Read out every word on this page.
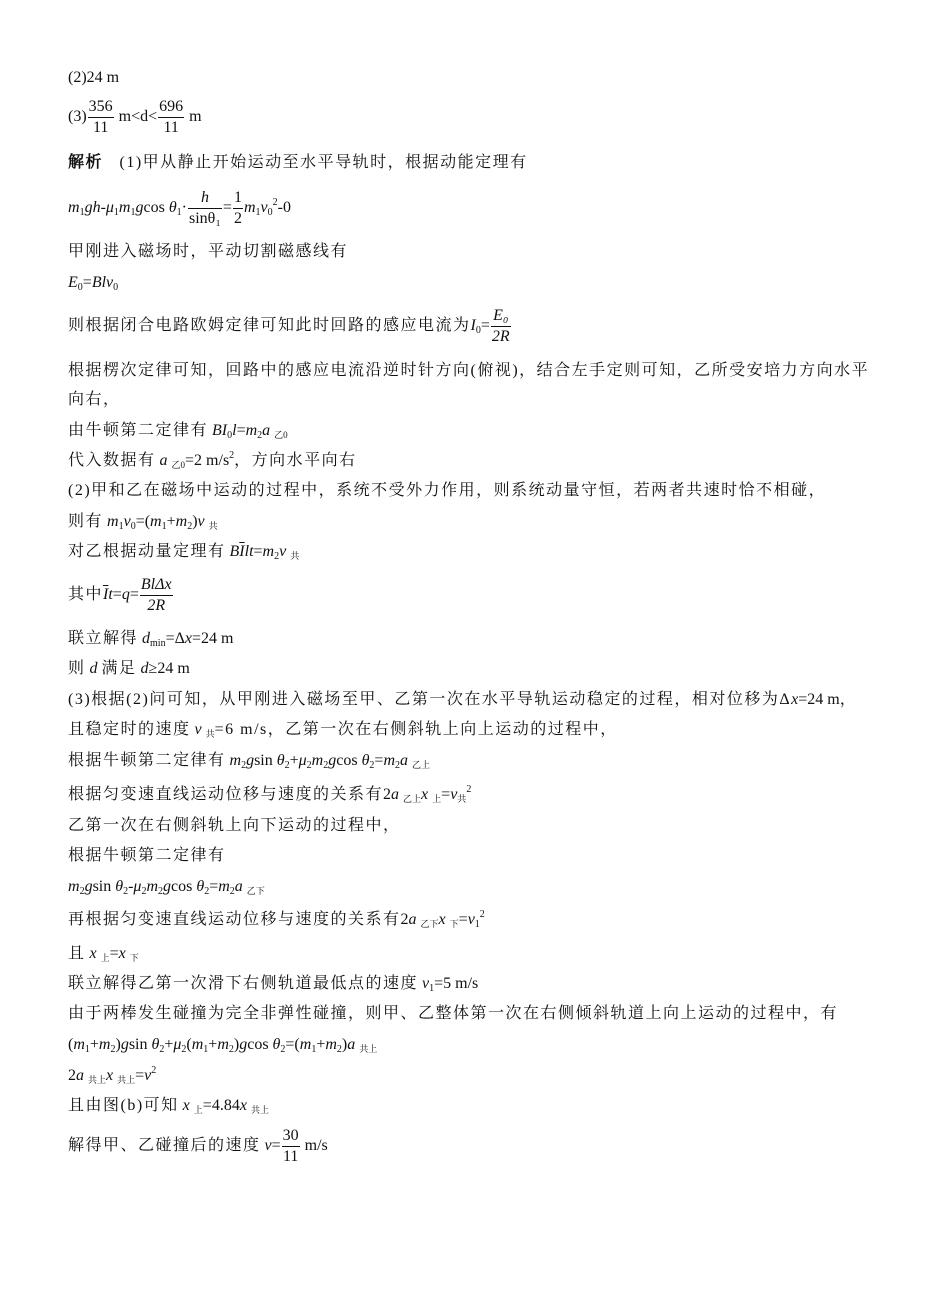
(2)24 m
$(3) \frac{356}{11} m<d< \frac{696}{11}$ m
解析 (1)甲从静止开始运动至水平导轨时，根据动能定理有
$m_1gh-\mu_1m_1gcos$ $\theta_1\cdot \frac{h}{\text{sinθ₁}} = \frac{1}{2} m_1v_0^2-0$
甲刚进入磁场时，平动切割磁感线有
$E_0=Blv_0$
则根据闭合电路欧姆定律可知此时回路的感应电流为$I_0= \frac{\text{E₀}}{2R}$
根据楞次定律可知，回路中的感应电流沿逆时针方向(俯视)，结合左手定则可知，乙所受安培力方向水平
向右，
由牛顿第二定律有 $BI_0l=m_2a$ $_{乙0}$
代入数据有 a $_{乙0}$=2 $m/s^2$，方向水平向右
(2)甲和乙在磁场中运动的过程中，系统不受外力作用，则系统动量守恒，若两者共速时恰不相碰，
则有 $m_1v_0=(m_1+m_2)v$ $_共$
对乙根据动量定理有 $B\overline{I}lt=m_2v$ $_共$
其中$\overline{I}t=q= \frac{\text{BlΔx}}{2R}$
联立解得 $d_{min}=\Delta x=24$ m
则 d 满足 d≥24 m
(3)根据(2)问可知，从甲刚进入磁场至甲、乙第一次在水平导轨运动稳定的过程，相对位移为Δx=24 m，
且稳定时的速度 v $_共$=6 m/s，乙第一次在右侧斜轨上向上运动的过程中，
根据牛顿第二定律有 $m_2gsin$ $\theta_2+\mu_2m_2gcos$ $\theta_2=m_2a$ $_{乙上}$
根据匀变速直线运动位移与速度的关系有2a $_{乙上}$x $_上=v_共^2$
乙第一次在右侧斜轨上向下运动的过程中，
根据牛顿第二定律有
$m_2gsin$ $\theta_2-\mu_2m_2gcos$ $\theta_2=m_2a$ $_{乙下}$
再根据匀变速直线运动位移与速度的关系有2a $_{乙下}$x $_下=v_1^2$
且 x $_上$=x $_下$
联立解得乙第一次滑下右侧轨道最低点的速度 $v_1=5$ m/s
由于两棒发生碰撞为完全非弹性碰撞，则甲、乙整体第一次在右侧倾斜轨道上向上运动的过程中，有
$(m_1+m_2)gsin$ $\theta_2+\mu_2(m_1+m_2)gcos$ $\theta_2=(m_1+m_2)a$ $_{共上}$
2a $_{共上}$x $_{共上}=v^2$
且由图(b)可知 x $_上$=4.84x $_{共上}$
解得甲、乙碰撞后的速度 $v= \frac{30}{11} m/s$
